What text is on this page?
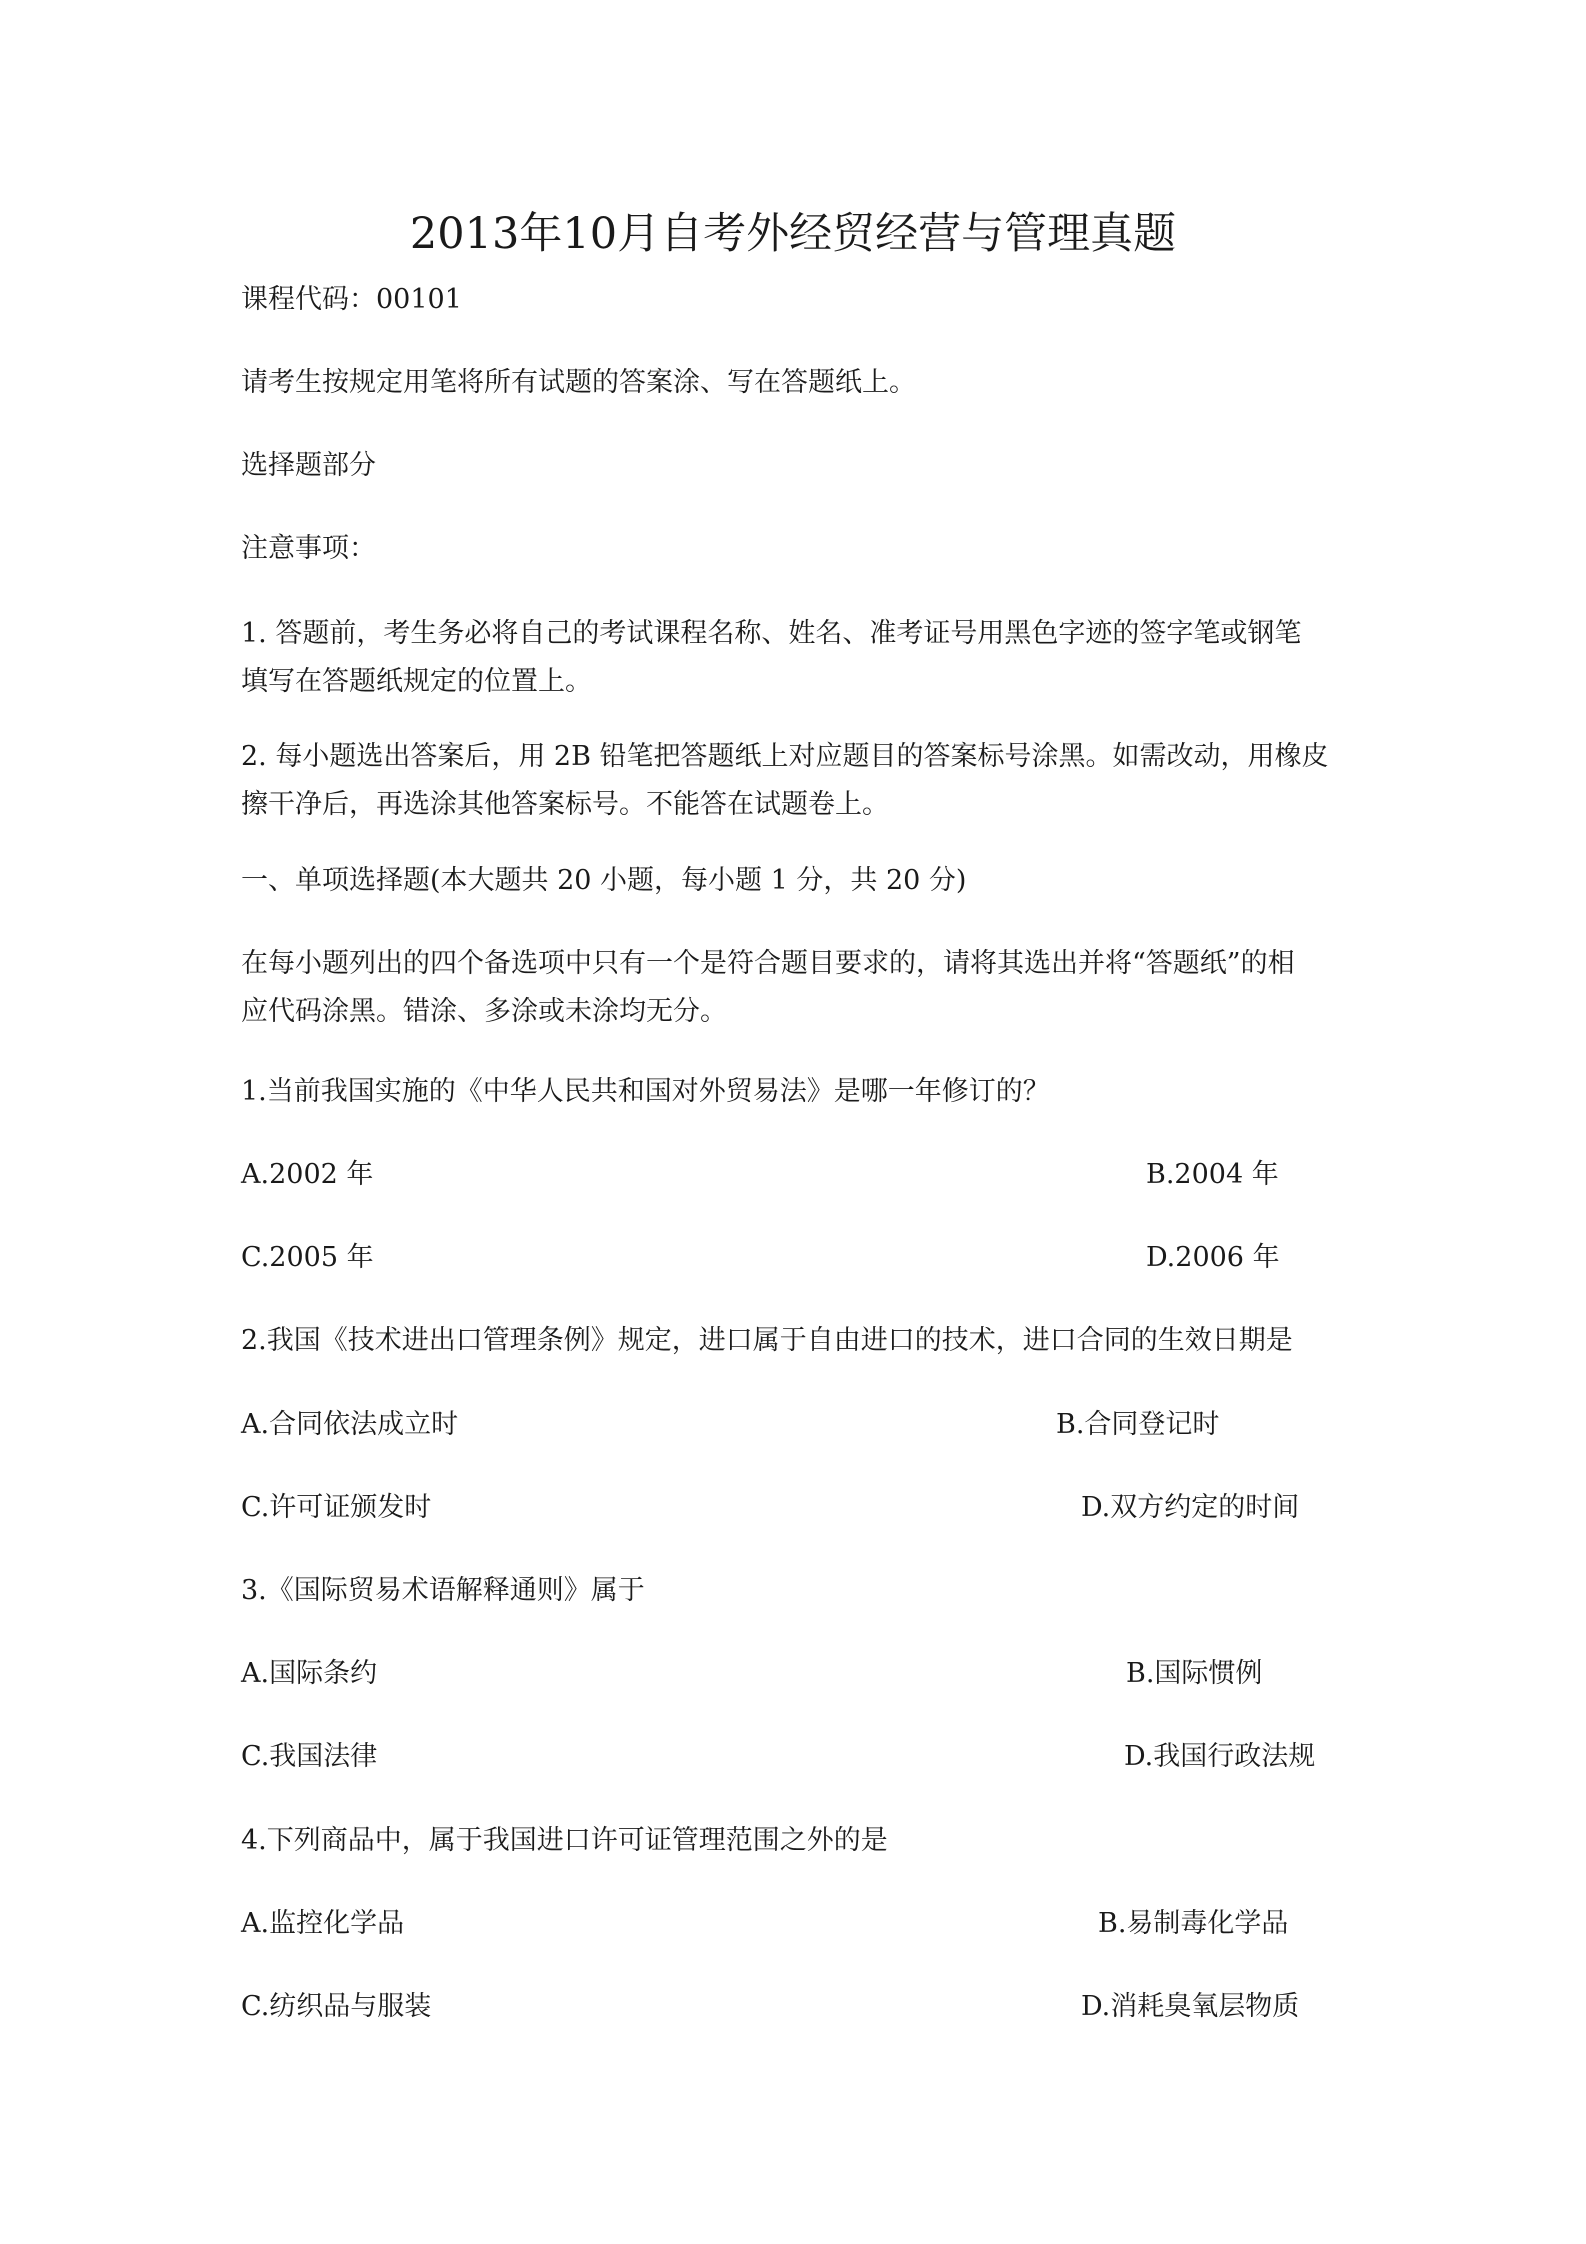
2013年10月自考外经贸经营与管理真题
课程代码：00101
请考生按规定用笔将所有试题的答案涂、写在答题纸上。
选择题部分
注意事项：
1. 答题前，考生务必将自己的考试课程名称、姓名、准考证号用黑色字迹的签字笔或钢笔
填写在答题纸规定的位置上。
2. 每小题选出答案后，用 2B 铅笔把答题纸上对应题目的答案标号涂黑。如需改动，用橡皮
擦干净后，再选涂其他答案标号。不能答在试题卷上。
一、单项选择题(本大题共 20 小题，每小题 1 分，共 20 分)
在每小题列出的四个备选项中只有一个是符合题目要求的，请将其选出并将“答题纸”的相
应代码涂黑。错涂、多涂或未涂均无分。
1.当前我国实施的《中华人民共和国对外贸易法》是哪一年修订的？
A.2002 年	B.2004 年
C.2005 年	D.2006 年
2.我国《技术进出口管理条例》规定，进口属于自由进口的技术，进口合同的生效日期是
A.合同依法成立时	B.合同登记时
C.许可证颁发时	D.双方约定的时间
3.《国际贸易术语解释通则》属于
A.国际条约	B.国际惯例
C.我国法律	D.我国行政法规
4.下列商品中，属于我国进口许可证管理范围之外的是
A.监控化学品	B.易制毒化学品
C.纺织品与服装	D.消耗臭氧层物质
